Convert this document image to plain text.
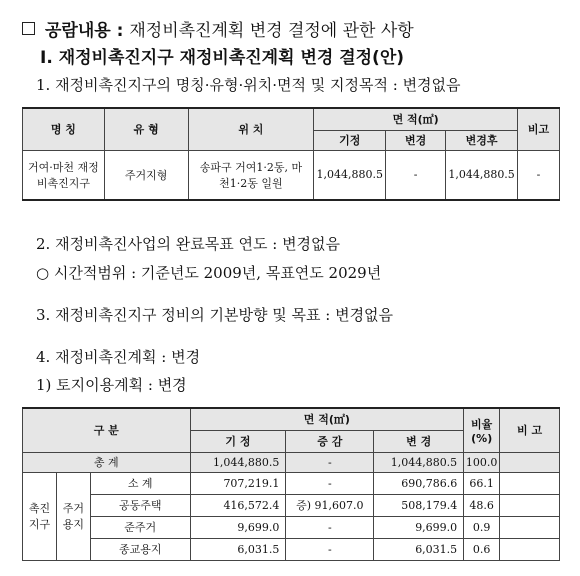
공람내용 : 재정비촉진계획 변경 결정에 관한 사항
Ⅰ. 재정비촉진지구 재정비촉진계획 변경 결정(안)
1. 재정비촉진지구의 명칭·유형·위치·면적 및 지정목적 : 변경없음
명 칭	유 형	위 치	면 적(㎡)			비고
			기정	변경	변경후	
거여·마천 재정비촉진지구	주거지형	송파구 거여1·2동, 마천1·2동 일원	1,044,880.5	-	1,044,880.5	-
2. 재정비촉진사업의 완료목표 연도 : 변경없음
○ 시간적범위 : 기준년도 2009년, 목표연도 2029년
3. 재정비촉진지구 정비의 기본방향 및 목표 : 변경없음
4. 재정비촉진계획 : 변경
1) 토지이용계획 : 변경
구 분			면 적(㎡)			비율 (%)	비 고
			기 정	증 감	변 경		
총 계			1,044,880.5	-	1,044,880.5	100.0	
촉진 지구	주거 용지	소 계	707,219.1	-	690,786.6	66.1	
		공동주택	416,572.4	증) 91,607.0	508,179.4	48.6	
		준주거	9,699.0	-	9,699.0	0.9	
		종교용지	6,031.5	-	6,031.5	0.6	
